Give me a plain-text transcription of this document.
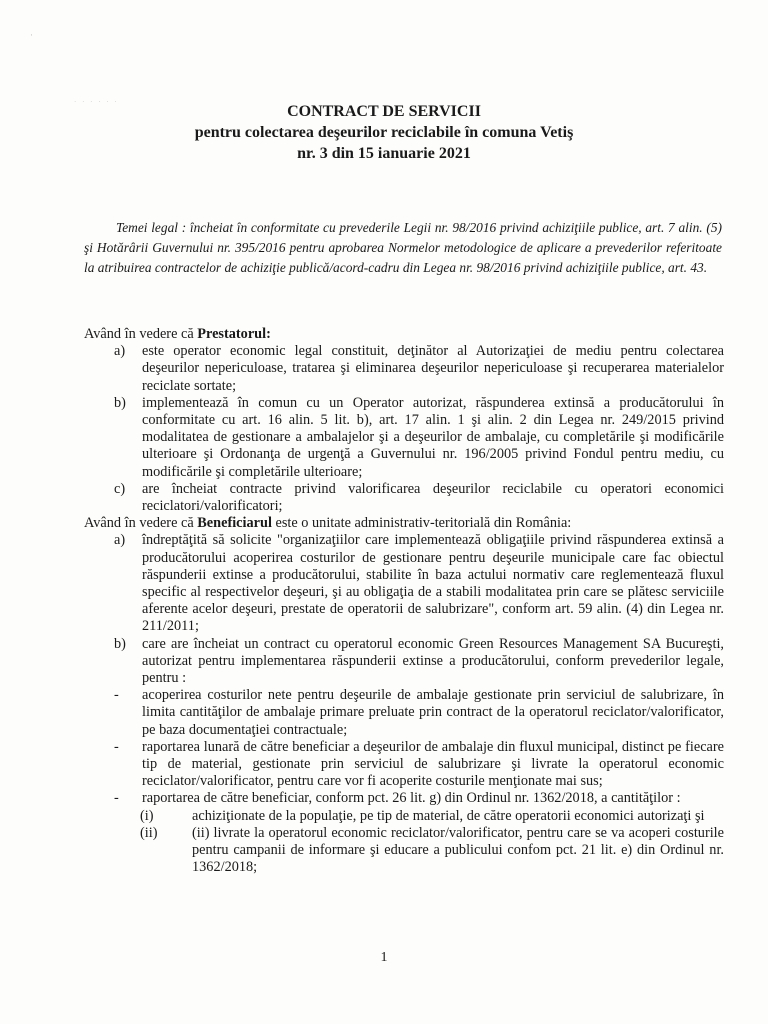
·
· · · · · ·
CONTRACT DE SERVICII
pentru colectarea deşeurilor reciclabile în comuna Vetiş
nr. 3 din 15 ianuarie 2021

Temei legal : încheiat în conformitate cu prevederile Legii nr. 98/2016 privind achiziţiile publice, art. 7 alin. (5) şi Hotărârii Guvernului nr. 395/2016 pentru aprobarea Normelor metodologice de aplicare a prevederilor referitoate la atribuirea contractelor de achiziţie publică/acord-cadru din Legea nr. 98/2016 privind achiziţiile publice, art. 43.

Având în vedere că Prestatorul:

a)	este operator economic legal constituit, deţinător al Autorizaţiei de mediu pentru colectarea deşeurilor nepericuloase, tratarea şi eliminarea deşeurilor nepericuloase şi recuperarea materialelor reciclate sortate;
b)	implementează în comun cu un Operator autorizat, răspunderea extinsă a producătorului în conformitate cu art. 16 alin. 5 lit. b), art. 17 alin. 1 şi alin. 2 din Legea nr. 249/2015 privind modalitatea de gestionare a ambalajelor şi a deşeurilor de ambalaje, cu completările şi modificările ulterioare şi Ordonanţa de urgenţă a Guvernului nr. 196/2005 privind Fondul pentru mediu, cu modificările şi completările ulterioare;
c)	are încheiat contracte privind valorificarea deşeurilor reciclabile cu operatori economici reciclatori/valorificatori;

Având în vedere că Beneficiarul este o unitate administrativ-teritorială din România:

a)	îndreptăţită să solicite "organizaţiilor care implementează obligaţiile privind răspunderea extinsă a producătorului acoperirea costurilor de gestionare pentru deşeurile municipale care fac obiectul răspunderii extinse a producătorului, stabilite în baza actului normativ care reglementează fluxul specific al respectivelor deşeuri, şi au obligaţia de a stabili modalitatea prin care se plătesc serviciile aferente acelor deşeuri, prestate de operatorii de salubrizare", conform art. 59 alin. (4) din Legea nr. 211/2011;
b)	care are încheiat un contract cu operatorul economic Green Resources Management SA Bucureşti, autorizat pentru implementarea răspunderii extinse a producătorului, conform prevederilor legale, pentru :
-	acoperirea costurilor nete pentru deşeurile de ambalaje gestionate prin serviciul de salubrizare, în limita cantităţilor de ambalaje primare preluate prin contract de la operatorul reciclator/valorificator, pe baza documentaţiei contractuale;
-	raportarea lunară de către beneficiar a deşeurilor de ambalaje din fluxul municipal, distinct pe fiecare tip de material, gestionate prin serviciul de salubrizare şi livrate la operatorul economic reciclator/valorificator, pentru care vor fi acoperite costurile menţionate mai sus;
-	raportarea de către beneficiar, conform pct. 26 lit. g) din Ordinul nr. 1362/2018, a cantităţilor :
(i)	achiziţionate de la populaţie, pe tip de material, de către operatorii economici autorizaţi şi
(ii)	(ii) livrate la operatorul economic reciclator/valorificator, pentru care se va acoperi costurile pentru campanii de informare şi educare a publicului confom pct. 21 lit. e) din Ordinul nr. 1362/2018;
1
